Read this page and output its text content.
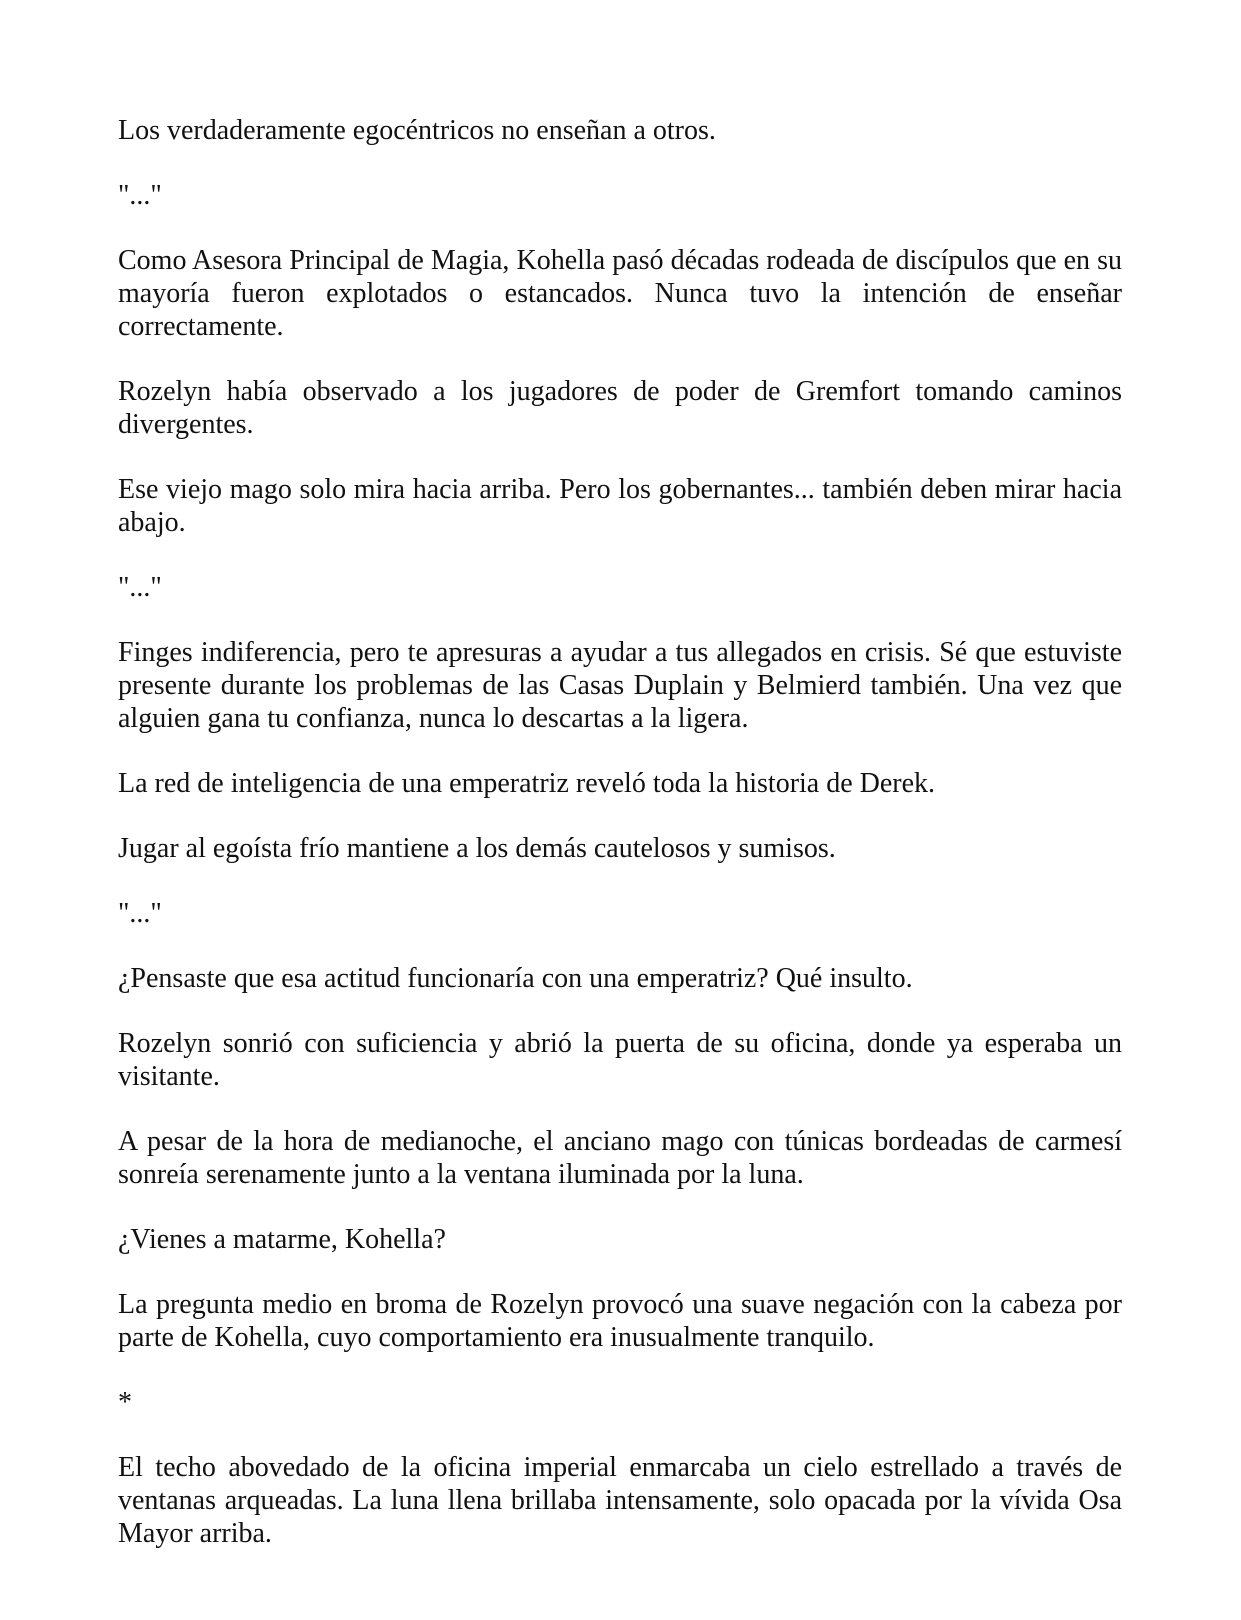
Los verdaderamente egocéntricos no enseñan a otros.

"..."

Como Asesora Principal de Magia, Kohella pasó décadas rodeada de discípulos que en su mayoría fueron explotados o estancados. Nunca tuvo la intención de enseñar correctamente.

Rozelyn había observado a los jugadores de poder de Gremfort tomando caminos divergentes.

Ese viejo mago solo mira hacia arriba. Pero los gobernantes... también deben mirar hacia abajo.

"..."

Finges indiferencia, pero te apresuras a ayudar a tus allegados en crisis. Sé que estuviste presente durante los problemas de las Casas Duplain y Belmierd también. Una vez que alguien gana tu confianza, nunca lo descartas a la ligera.

La red de inteligencia de una emperatriz reveló toda la historia de Derek.

Jugar al egoísta frío mantiene a los demás cautelosos y sumisos.

"..."

¿Pensaste que esa actitud funcionaría con una emperatriz? Qué insulto.

Rozelyn sonrió con suficiencia y abrió la puerta de su oficina, donde ya esperaba un visitante.

A pesar de la hora de medianoche, el anciano mago con túnicas bordeadas de carmesí sonreía serenamente junto a la ventana iluminada por la luna.

¿Vienes a matarme, Kohella?

La pregunta medio en broma de Rozelyn provocó una suave negación con la cabeza por parte de Kohella, cuyo comportamiento era inusualmente tranquilo.

*

El techo abovedado de la oficina imperial enmarcaba un cielo estrellado a través de ventanas arqueadas. La luna llena brillaba intensamente, solo opacada por la vívida Osa Mayor arriba.
